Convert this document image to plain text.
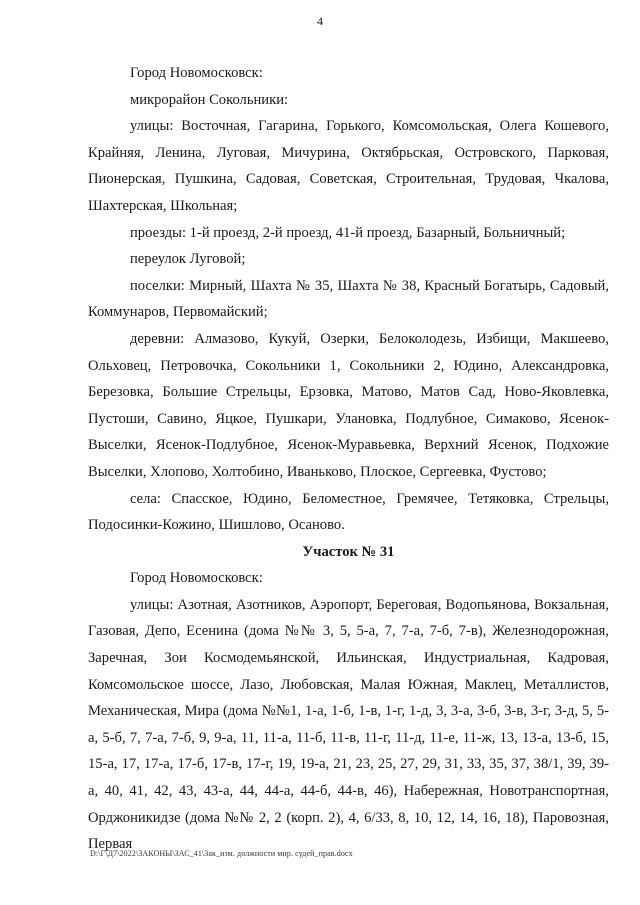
4

Город Новомосковск:

микрорайон Сокольники:

улицы: Восточная, Гагарина, Горького, Комсомольская, Олега Кошевого, Крайняя, Ленина, Луговая, Мичурина, Октябрьская, Островского, Парковая, Пионерская, Пушкина, Садовая, Советская, Строительная, Трудовая, Чкалова, Шахтерская, Школьная;

проезды: 1-й проезд, 2-й проезд, 41-й проезд, Базарный, Больничный;

переулок Луговой;

поселки: Мирный, Шахта № 35, Шахта № 38, Красный Богатырь, Садовый, Коммунаров, Первомайский;

деревни: Алмазово, Кукуй, Озерки, Белоколодезь, Избищи, Макшеево, Ольховец, Петровочка, Сокольники 1, Сокольники 2, Юдино, Александровка, Березовка, Большие Стрельцы, Ерзовка, Матово, Матов Сад, Ново-Яковлевка, Пустоши, Савино, Яцкое, Пушкари, Улановка, Подлубное, Симаково, Ясенок-Выселки, Ясенок-Подлубное, Ясенок-Муравьевка, Верхний Ясенок, Подхожие Выселки, Хлопово, Холтобино, Иваньково, Плоское, Сергеевка, Фустово;

села: Спасское, Юдино, Беломестное, Гремячее, Тетяковка, Стрельцы, Подосинки-Кожино, Шишлово, Осаново.

Участок № 31

Город Новомосковск:

улицы: Азотная, Азотников, Аэропорт, Береговая, Водопьянова, Вокзальная, Газовая, Депо, Есенина (дома №№ 3, 5, 5-а, 7, 7-а, 7-б, 7-в), Железнодорожная, Заречная, Зои Космодемьянской, Ильинская, Индустриальная, Кадровая, Комсомольское шоссе, Лазо, Любовская, Малая Южная, Маклец, Металлистов, Механическая, Мира (дома №№1, 1-а, 1-б, 1-в, 1-г, 1-д, 3, 3-а, 3-б, 3-в, 3-г, 3-д, 5, 5-а, 5-б, 7, 7-а, 7-б, 9, 9-а, 11, 11-а, 11-б, 11-в, 11-г, 11-д, 11-е, 11-ж, 13, 13-а, 13-б, 15, 15-а, 17, 17-а, 17-б, 17-в, 17-г, 19, 19-а, 21, 23, 25, 27, 29, 31, 33, 35, 37, 38/1, 39, 39-а, 40, 41, 42, 43, 43-а, 44, 44-а, 44-б, 44-в, 46), Набережная, Новотранспортная, Орджоникидзе (дома №№ 2, 2 (корп. 2), 4, 6/33, 8, 10, 12, 14, 16, 18), Паровозная, Первая

D:\Г\Д7\2022\ЗАКОНЫ\ЗАС_41\Зак_изм. должности мир. судей_прав.docx
